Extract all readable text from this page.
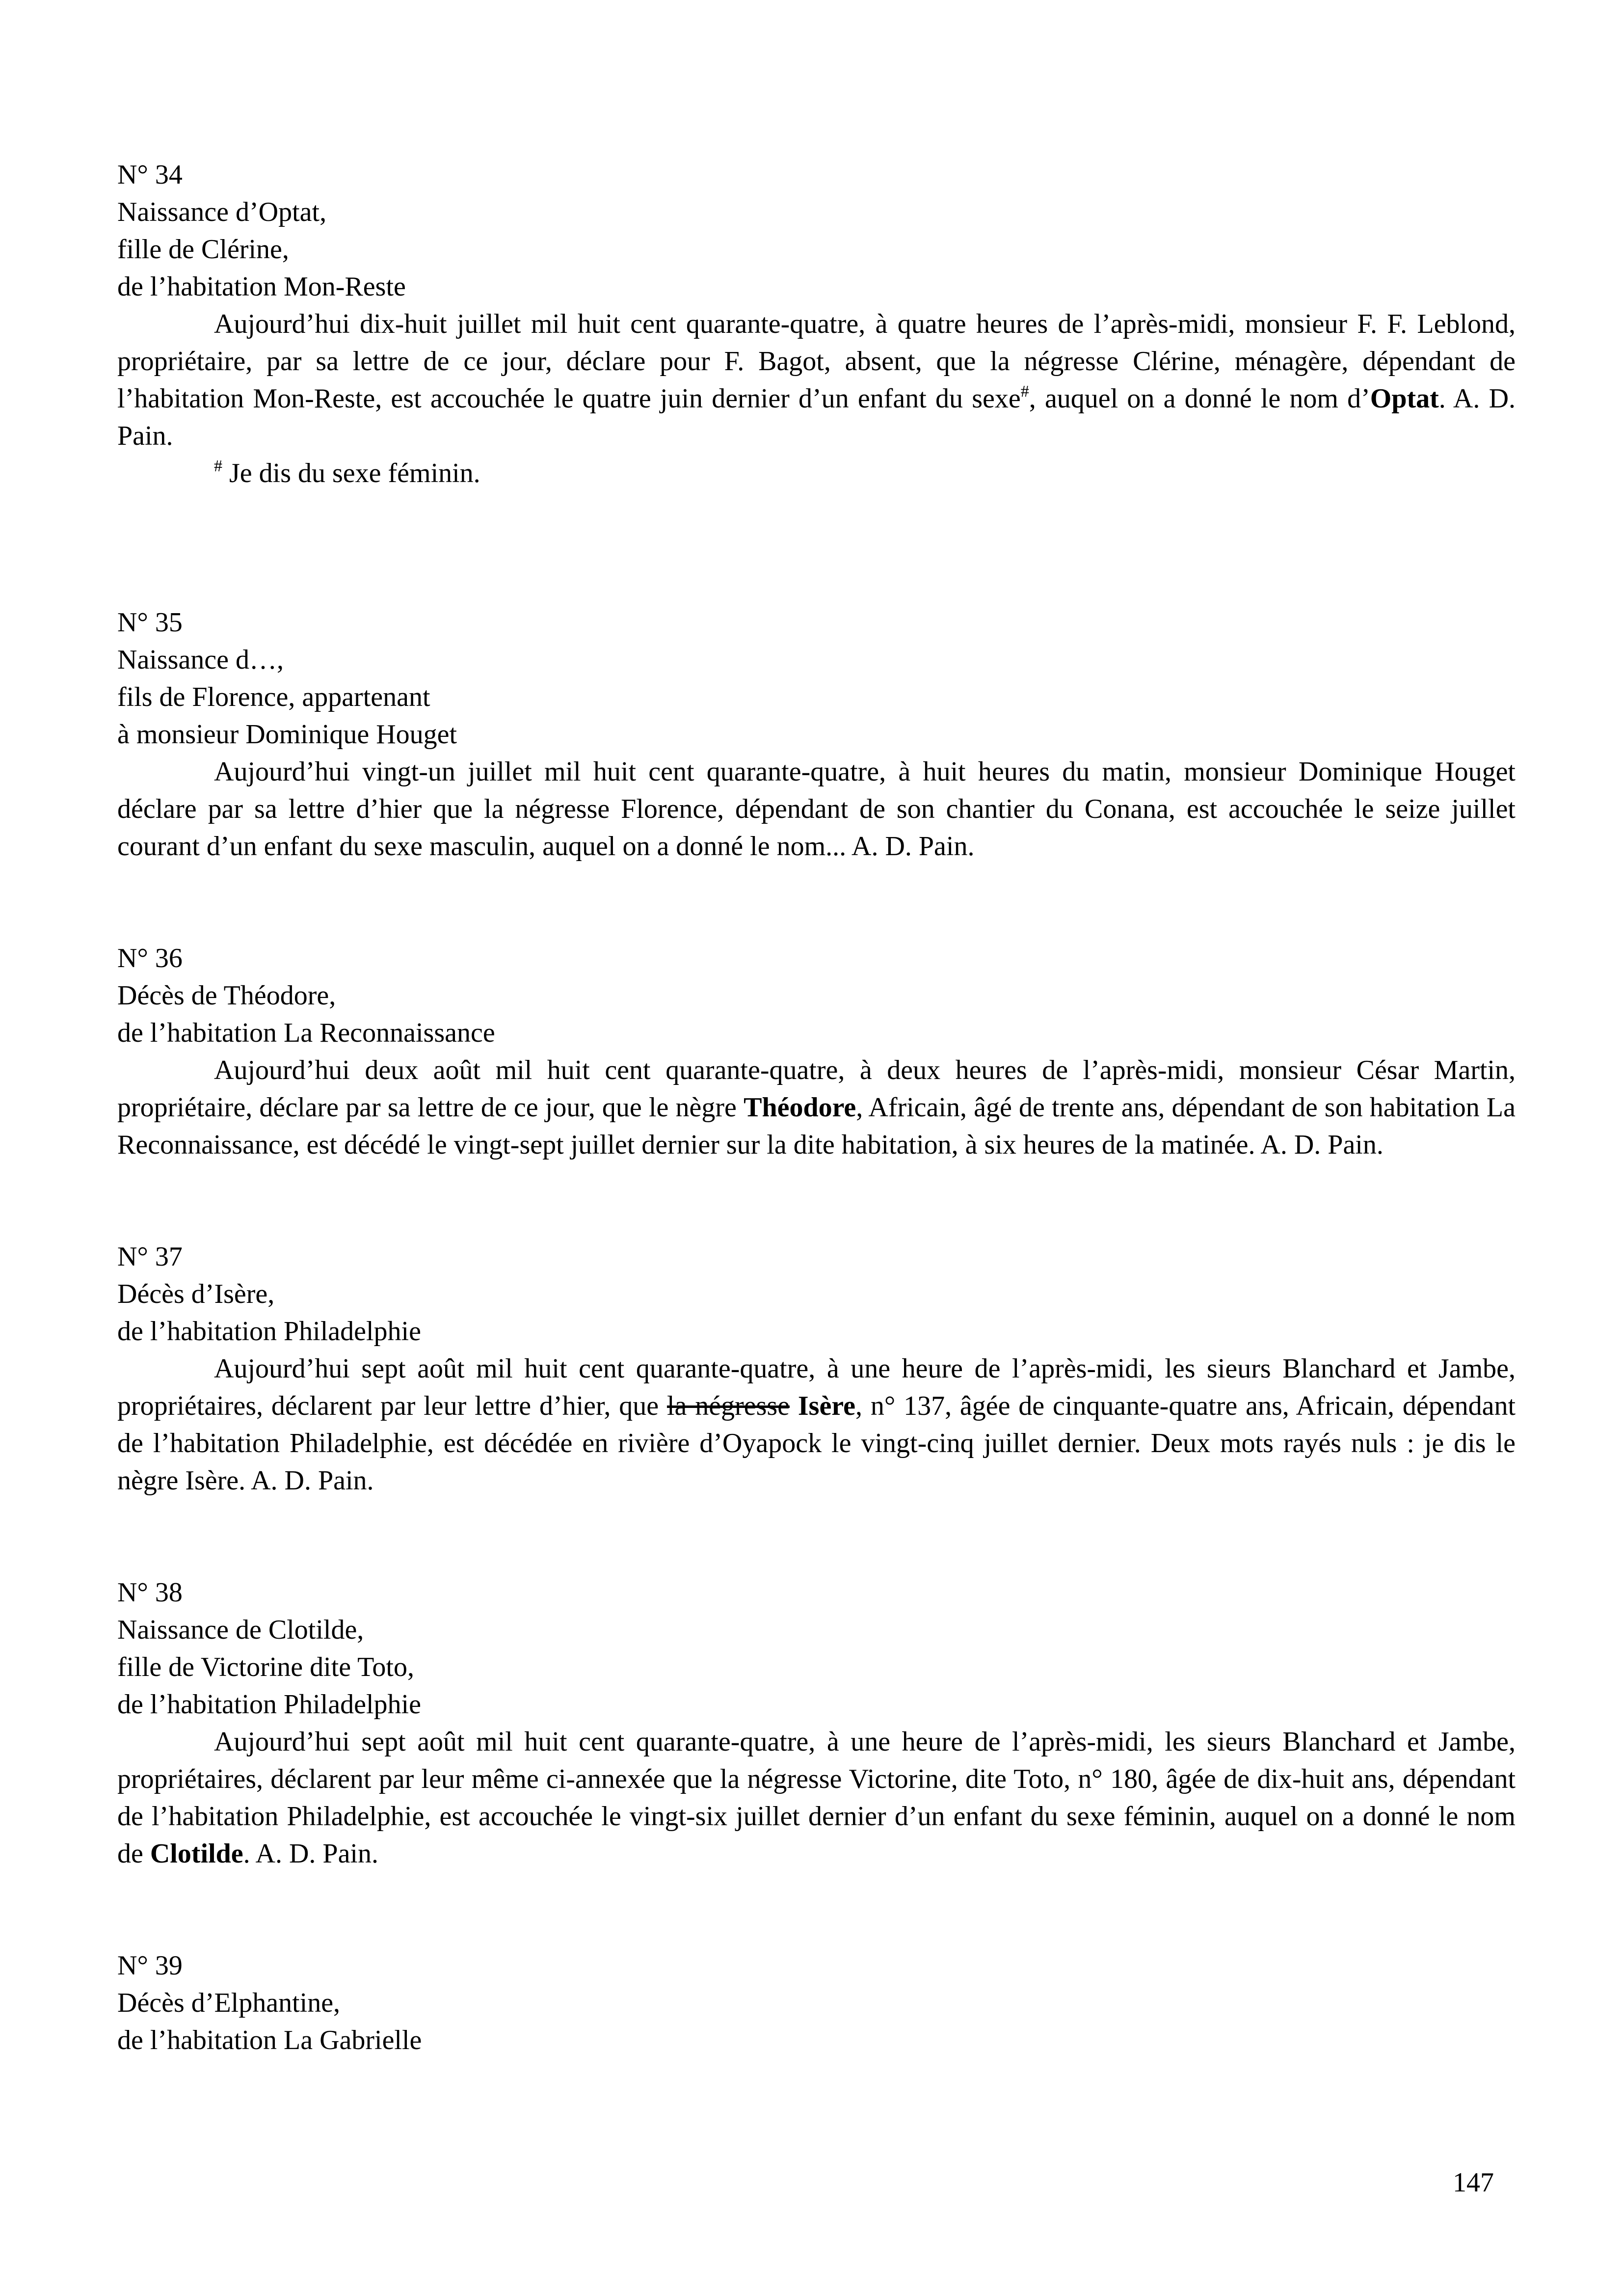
N° 34
Naissance d’Optat,
fille de Clérine,
de l’habitation Mon-Reste

Aujourd’hui dix-huit juillet mil huit cent quarante-quatre, à quatre heures de l’après-midi, monsieur F. F. Leblond, propriétaire, par sa lettre de ce jour, déclare pour F. Bagot, absent, que la négresse Clérine, ménagère, dépendant de l’habitation Mon-Reste, est accouchée le quatre juin dernier d’un enfant du sexe#, auquel on a donné le nom d’Optat. A. D. Pain.

# Je dis du sexe féminin.

N° 35
Naissance d…,
fils de Florence, appartenant
à monsieur Dominique Houget

Aujourd’hui vingt-un juillet mil huit cent quarante-quatre, à huit heures du matin, monsieur Dominique Houget déclare par sa lettre d’hier que la négresse Florence, dépendant de son chantier du Conana, est accouchée le seize juillet courant d’un enfant du sexe masculin, auquel on a donné le nom... A. D. Pain.

N° 36
Décès de Théodore,
de l’habitation La Reconnaissance

Aujourd’hui deux août mil huit cent quarante-quatre, à deux heures de l’après-midi, monsieur César Martin, propriétaire, déclare par sa lettre de ce jour, que le nègre Théodore, Africain, âgé de trente ans, dépendant de son habitation La Reconnaissance, est décédé le vingt-sept juillet dernier sur la dite habitation, à six heures de la matinée. A. D. Pain.

N° 37
Décès d’Isère,
de l’habitation Philadelphie

Aujourd’hui sept août mil huit cent quarante-quatre, à une heure de l’après-midi, les sieurs Blanchard et Jambe, propriétaires, déclarent par leur lettre d’hier, que la négresse Isère, n° 137, âgée de cinquante-quatre ans, Africain, dépendant de l’habitation Philadelphie, est décédée en rivière d’Oyapock le vingt-cinq juillet dernier. Deux mots rayés nuls : je dis le nègre Isère. A. D. Pain.

N° 38
Naissance de Clotilde,
fille de Victorine dite Toto,
de l’habitation Philadelphie

Aujourd’hui sept août mil huit cent quarante-quatre, à une heure de l’après-midi, les sieurs Blanchard et Jambe, propriétaires, déclarent par leur même ci-annexée que la négresse Victorine, dite Toto, n° 180, âgée de dix-huit ans, dépendant de l’habitation Philadelphie, est accouchée le vingt-six juillet dernier d’un enfant du sexe féminin, auquel on a donné le nom de Clotilde. A. D. Pain.

N° 39
Décès d’Elphantine,
de l’habitation La Gabrielle
147
